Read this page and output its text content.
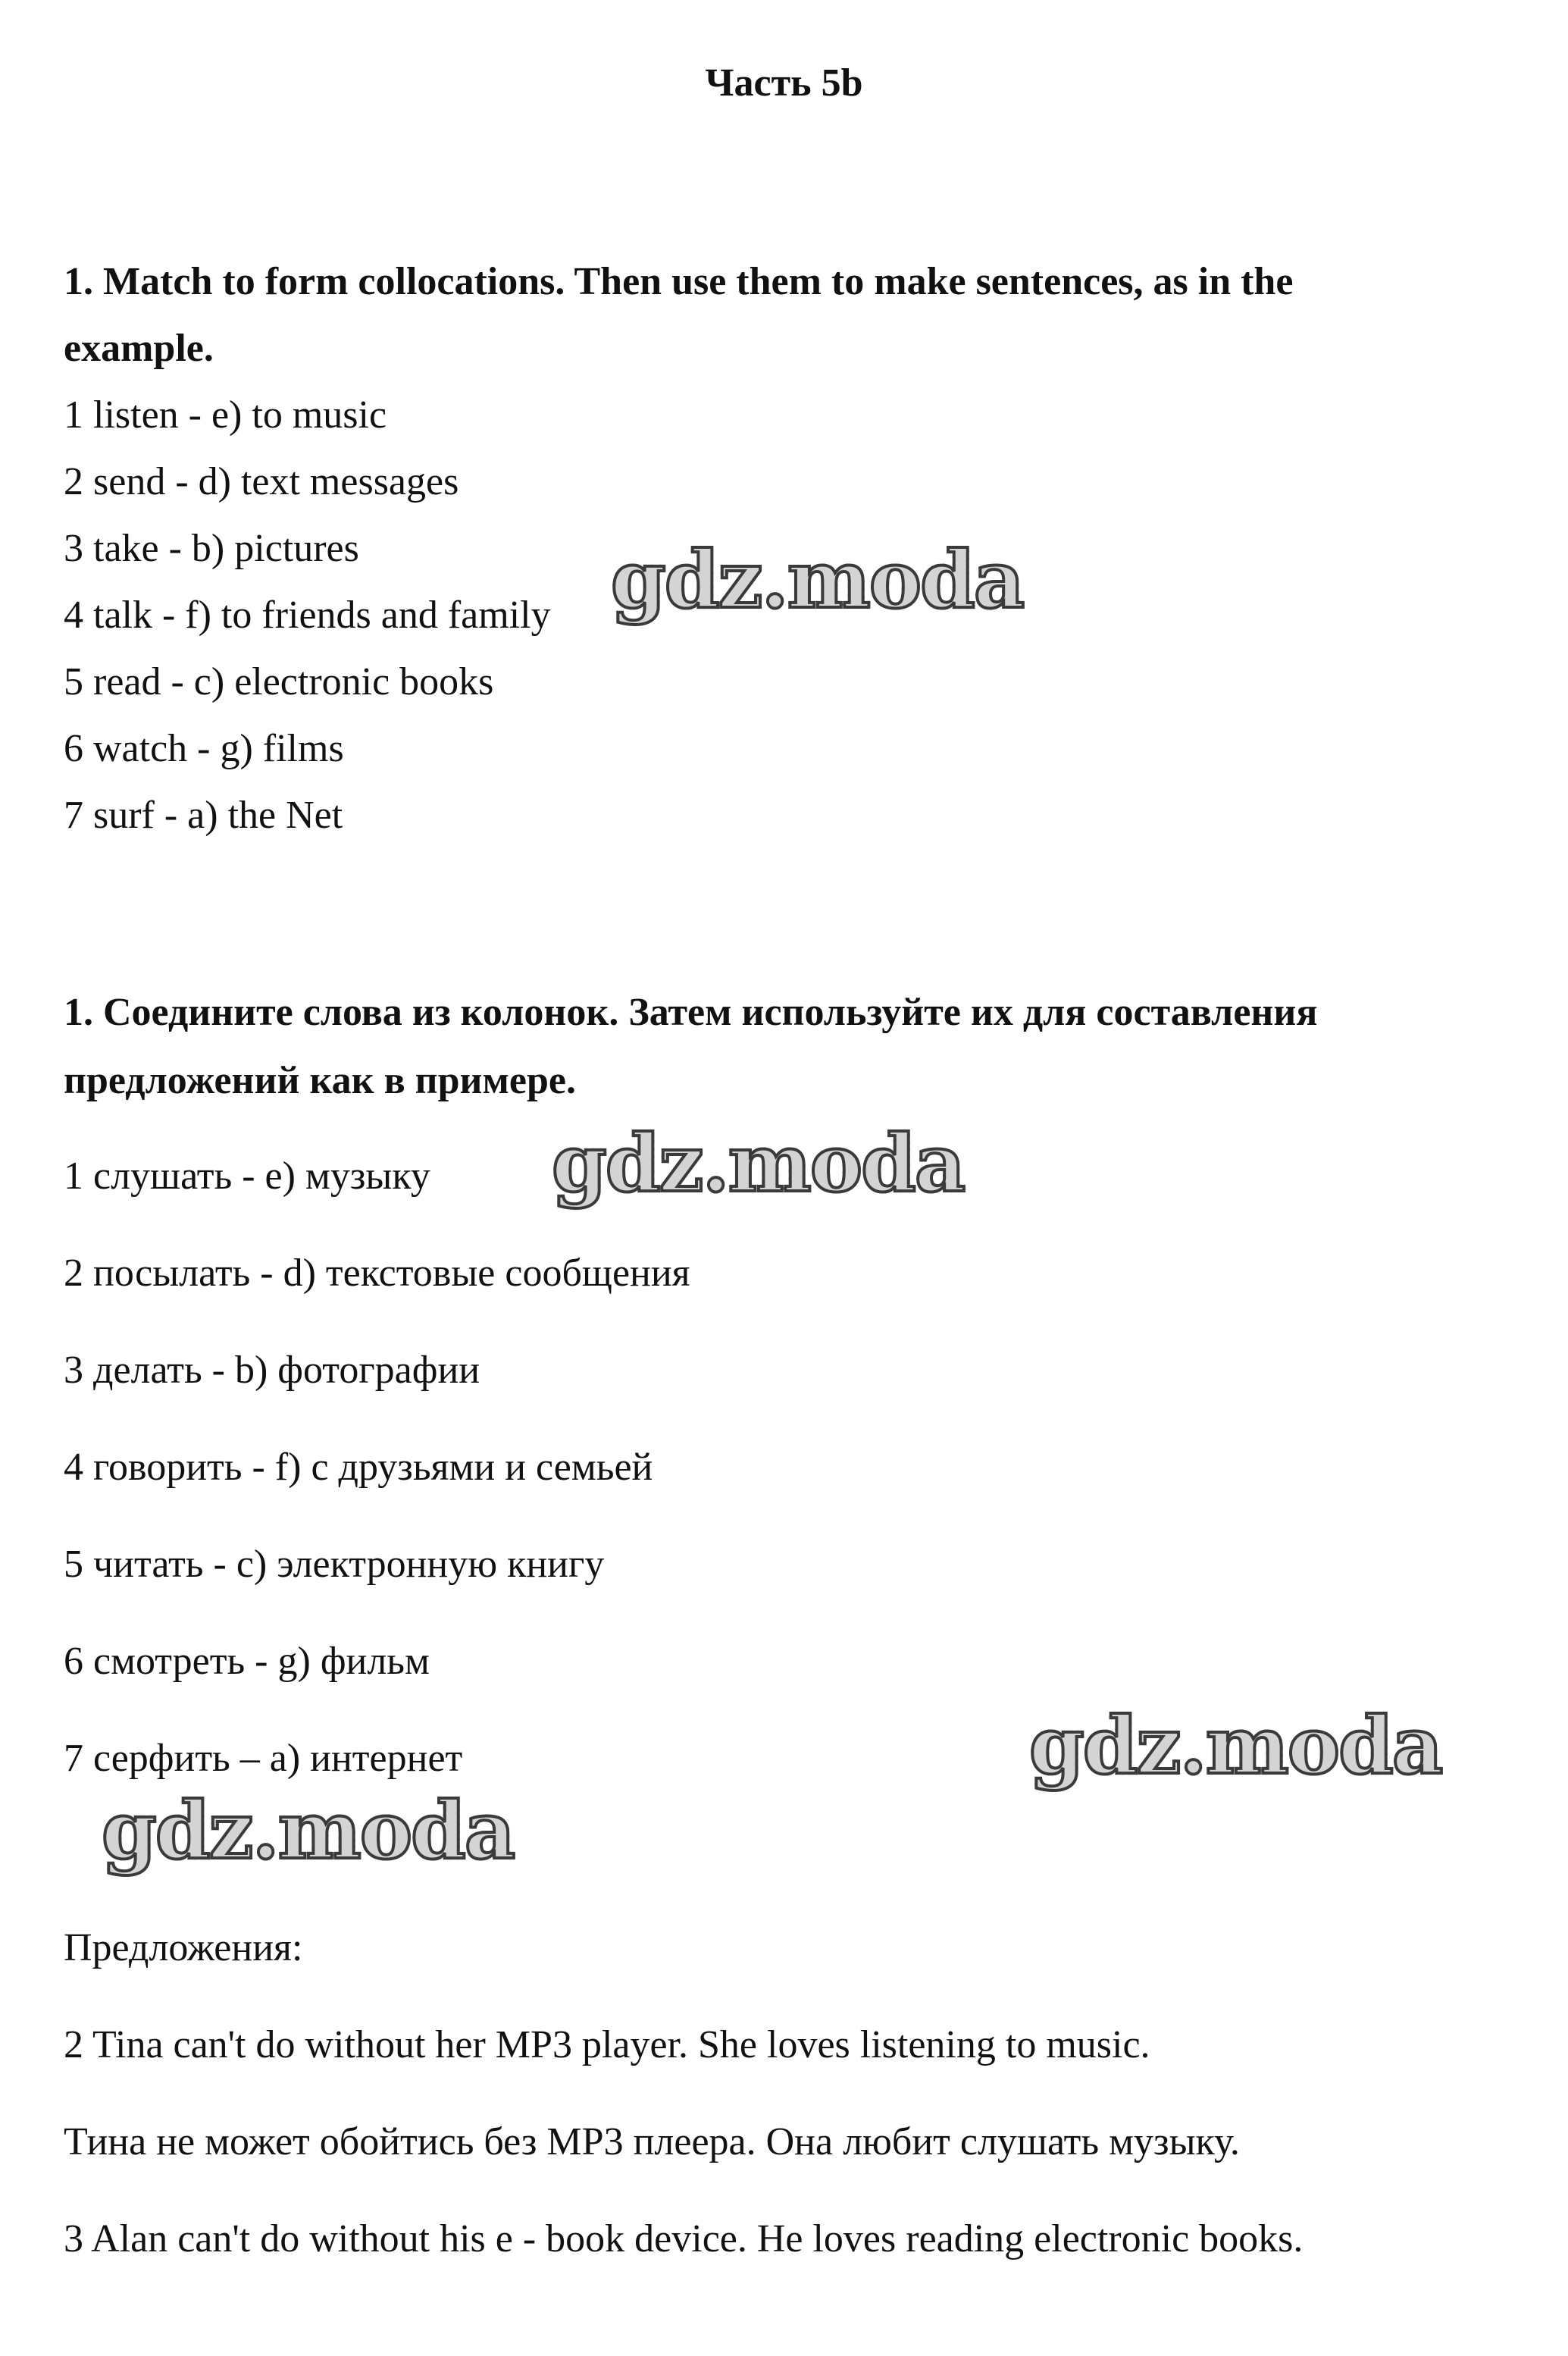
Часть 5b
1. Match to form collocations. Then use them to make sentences, as in the
example.
1 listen - e) to music
2 send - d) text messages
3 take - b) pictures
4 talk - f) to friends and family
5 read - c) electronic books
6 watch - g) films
7 surf - a) the Net
1. Соедините слова из колонок. Затем используйте их для составления
предложений как в примере.
1 слушать - e) музыку
2 посылать - d) текстовые сообщения
3 делать - b) фотографии
4 говорить - f) с друзьями и семьей
5 читать - c) электронную книгу
6 смотреть - g) фильм
7 серфить – a) интернет
Предложения:
2 Tina can't do without her MP3 player. She loves listening to music.
Тина не может обойтись без MP3 плеера. Она любит слушать музыку.
3 Alan can't do without his e - book device. He loves reading electronic books.
gdz.moda
gdz.moda
gdz.moda
gdz.moda
